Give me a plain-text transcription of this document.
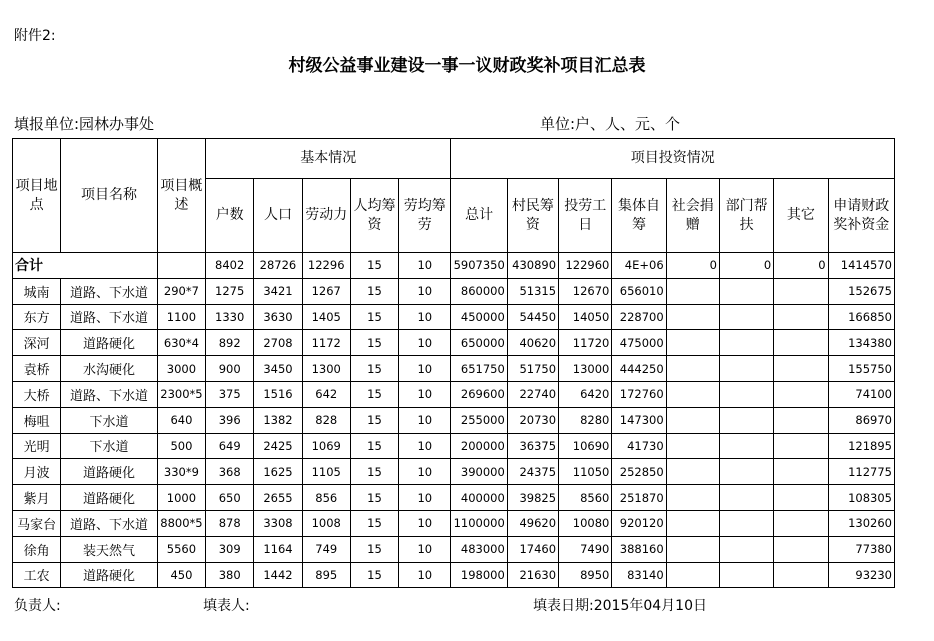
附件2:
村级公益事业建设一事一议财政奖补项目汇总表
填报单位:园林办事处	单位:户、人、元、个
项目地点	项目名称	项目概述	基本情况					项目投资情况							
			户数	人口	劳动力	人均筹资	劳均筹劳	总计	村民筹资	投劳工日	集体自筹	社会捐赠	部门帮扶	其它	申请财政奖补资金
合计			8402	28726	12296	15	10	5907350	430890	122960	4E+06	0	0	0	1414570
城南	道路、下水道	290*7	1275	3421	1267	15	10	860000	51315	12670	656010				152675
东方	道路、下水道	1100	1330	3630	1405	15	10	450000	54450	14050	228700				166850
深河	道路硬化	630*4	892	2708	1172	15	10	650000	40620	11720	475000				134380
袁桥	水沟硬化	3000	900	3450	1300	15	10	651750	51750	13000	444250				155750
大桥	道路、下水道	2300*5	375	1516	642	15	10	269600	22740	6420	172760				74100
梅咀	下水道	640	396	1382	828	15	10	255000	20730	8280	147300				86970
光明	下水道	500	649	2425	1069	15	10	200000	36375	10690	41730				121895
月波	道路硬化	330*9	368	1625	1105	15	10	390000	24375	11050	252850				112775
紫月	道路硬化	1000	650	2655	856	15	10	400000	39825	8560	251870				108305
马家台	道路、下水道	8800*5	878	3308	1008	15	10	1100000	49620	10080	920120				130260
徐角	装天然气	5560	309	1164	749	15	10	483000	17460	7490	388160				77380
工农	道路硬化	450	380	1442	895	15	10	198000	21630	8950	83140				93230
负责人:	填表人:	填表日期:2015年04月10日
